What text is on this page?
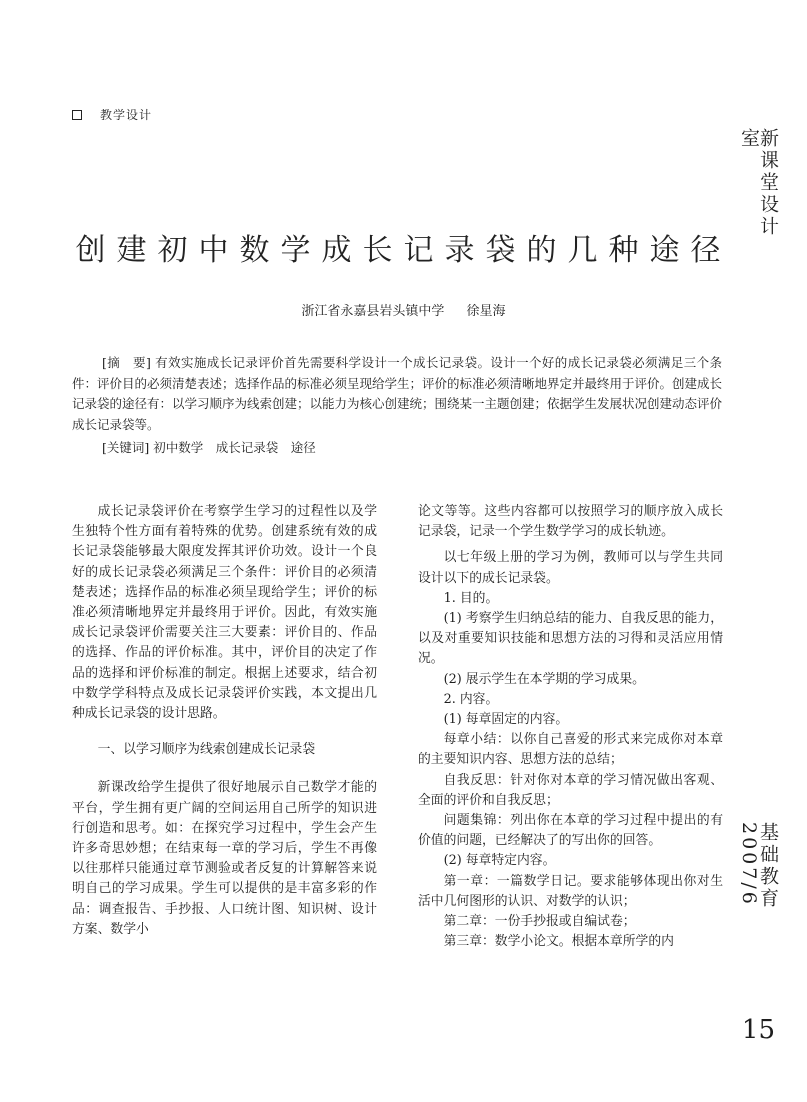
教学设计
新课堂设计室
基础教育2007/6
15
创建初中数学成长记录袋的几种途径
浙江省永嘉县岩头镇中学 徐星海
[摘　要] 有效实施成长记录评价首先需要科学设计一个成长记录袋。设计一个好的成长记录袋必须满足三个条件：评价目的必须清楚表述；选择作品的标准必须呈现给学生；评价的标准必须清晰地界定并最终用于评价。创建成长记录袋的途径有：以学习顺序为线索创建；以能力为核心创建统；围绕某一主题创建；依据学生发展状况创建动态评价成长记录袋等。
[关键词] 初中数学　成长记录袋　途径

成长记录袋评价在考察学生学习的过程性以及学生独特个性方面有着特殊的优势。创建系统有效的成长记录袋能够最大限度发挥其评价功效。设计一个良好的成长记录袋必须满足三个条件：评价目的必须清楚表述；选择作品的标准必须呈现给学生；评价的标准必须清晰地界定并最终用于评价。因此，有效实施成长记录袋评价需要关注三大要素：评价目的、作品的选择、作品的评价标准。其中，评价目的决定了作品的选择和评价标准的制定。根据上述要求，结合初中数学学科特点及成长记录袋评价实践，本文提出几种成长记录袋的设计思路。

一、以学习顺序为线索创建成长记录袋

新课改给学生提供了很好地展示自己数学才能的平台，学生拥有更广阔的空间运用自己所学的知识进行创造和思考。如：在探究学习过程中，学生会产生许多奇思妙想；在结束每一章的学习后，学生不再像以往那样只能通过章节测验或者反复的计算解答来说明自己的学习成果。学生可以提供的是丰富多彩的作品：调查报告、手抄报、人口统计图、知识树、设计方案、数学小

论文等等。这些内容都可以按照学习的顺序放入成长记录袋，记录一个学生数学学习的成长轨迹。

以七年级上册的学习为例，教师可以与学生共同设计以下的成长记录袋。

1. 目的。

(1) 考察学生归纳总结的能力、自我反思的能力，以及对重要知识技能和思想方法的习得和灵活应用情况。

(2) 展示学生在本学期的学习成果。

2. 内容。

(1) 每章固定的内容。

每章小结：以你自己喜爱的形式来完成你对本章的主要知识内容、思想方法的总结；

自我反思：针对你对本章的学习情况做出客观、全面的评价和自我反思；

问题集锦：列出你在本章的学习过程中提出的有价值的问题，已经解决了的写出你的回答。

(2) 每章特定内容。

第一章：一篇数学日记。要求能够体现出你对生活中几何图形的认识、对数学的认识；

第二章：一份手抄报或自编试卷；

第三章：数学小论文。根据本章所学的内
